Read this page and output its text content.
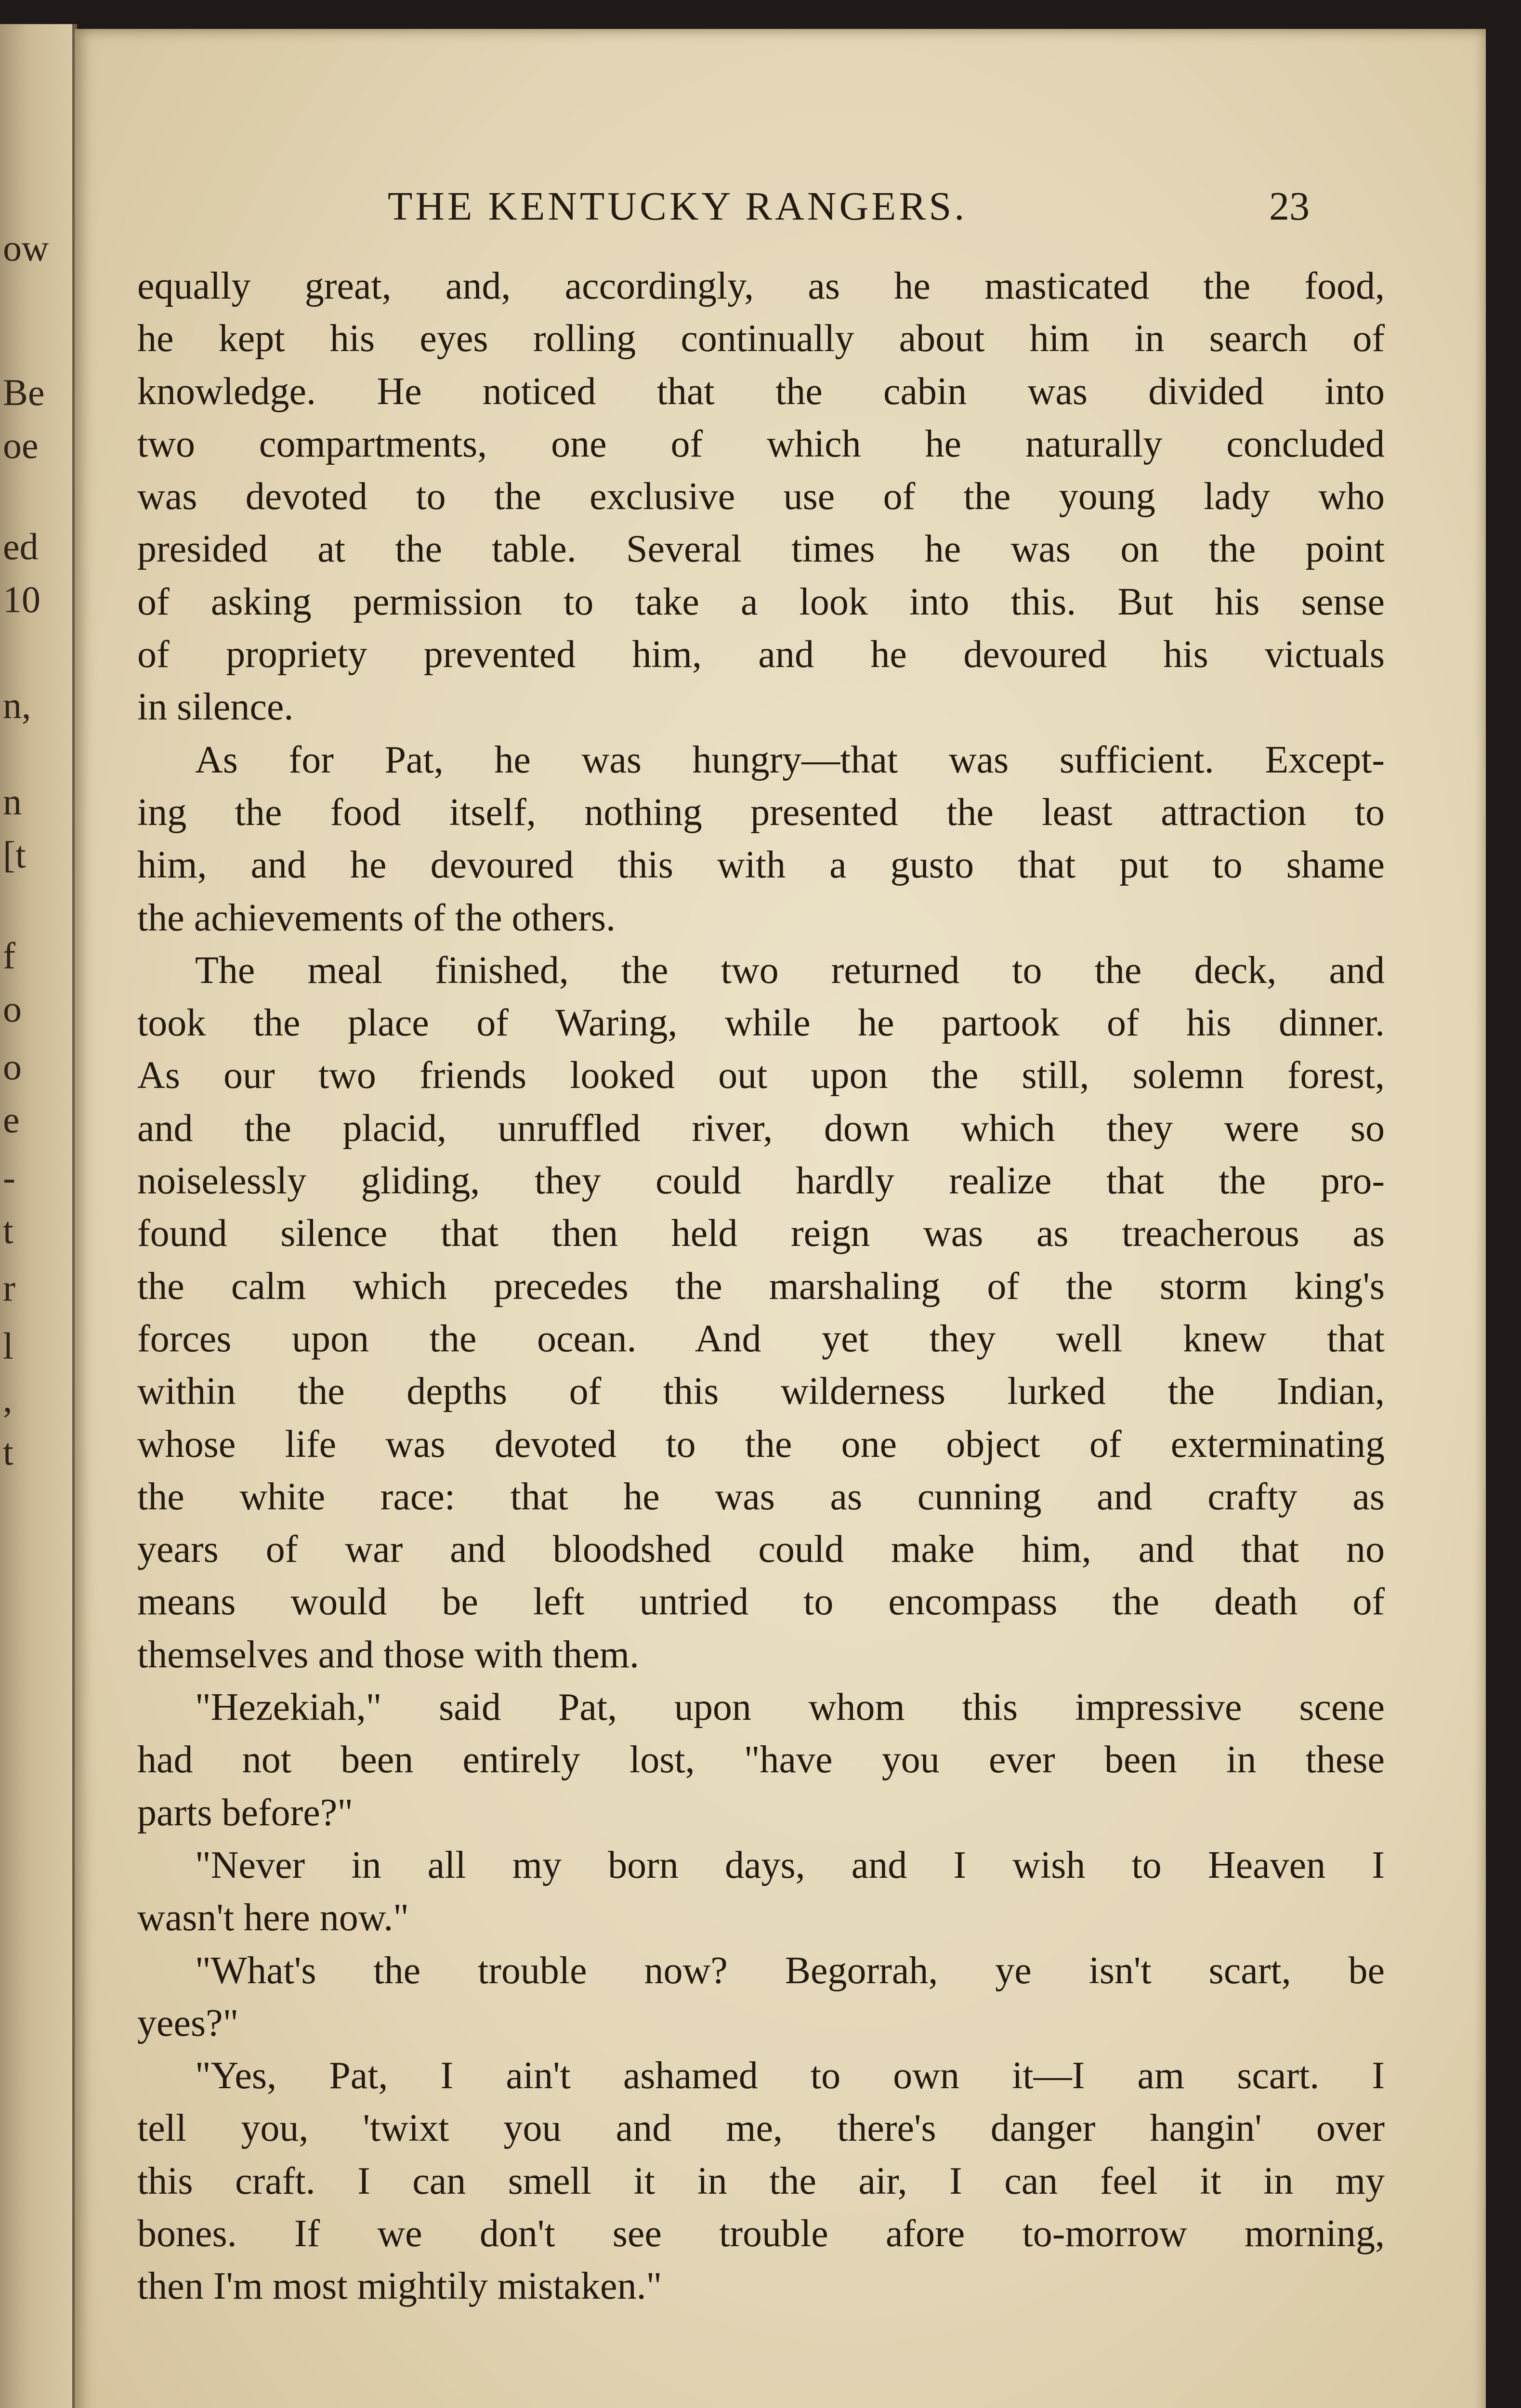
ow
Be
oe
ed
10
n,
n
[t
f
o
o
e
-
t
r
l
,
t
THE KENTUCKY RANGERS.	23
equally great, and, accordingly, as he masticated the food,
he kept his eyes rolling continually about him in search of
knowledge. He noticed that the cabin was divided into
two compartments, one of which he naturally concluded
was devoted to the exclusive use of the young lady who
presided at the table. Several times he was on the point
of asking permission to take a look into this. But his sense
of propriety prevented him, and he devoured his victuals
in silence.
As for Pat, he was hungry—that was sufficient. Except-
ing the food itself, nothing presented the least attraction to
him, and he devoured this with a gusto that put to shame
the achievements of the others.
The meal finished, the two returned to the deck, and
took the place of Waring, while he partook of his dinner.
As our two friends looked out upon the still, solemn forest,
and the placid, unruffled river, down which they were so
noiselessly gliding, they could hardly realize that the pro-
found silence that then held reign was as treacherous as
the calm which precedes the marshaling of the storm king's
forces upon the ocean. And yet they well knew that
within the depths of this wilderness lurked the Indian,
whose life was devoted to the one object of exterminating
the white race: that he was as cunning and crafty as
years of war and bloodshed could make him, and that no
means would be left untried to encompass the death of
themselves and those with them.
"Hezekiah," said Pat, upon whom this impressive scene
had not been entirely lost, "have you ever been in these
parts before?"
"Never in all my born days, and I wish to Heaven I
wasn't here now."
"What's the trouble now? Begorrah, ye isn't scart, be
yees?"
"Yes, Pat, I ain't ashamed to own it—I am scart. I
tell you, 'twixt you and me, there's danger hangin' over
this craft. I can smell it in the air, I can feel it in my
bones. If we don't see trouble afore to-morrow morning,
then I'm most mightily mistaken."
